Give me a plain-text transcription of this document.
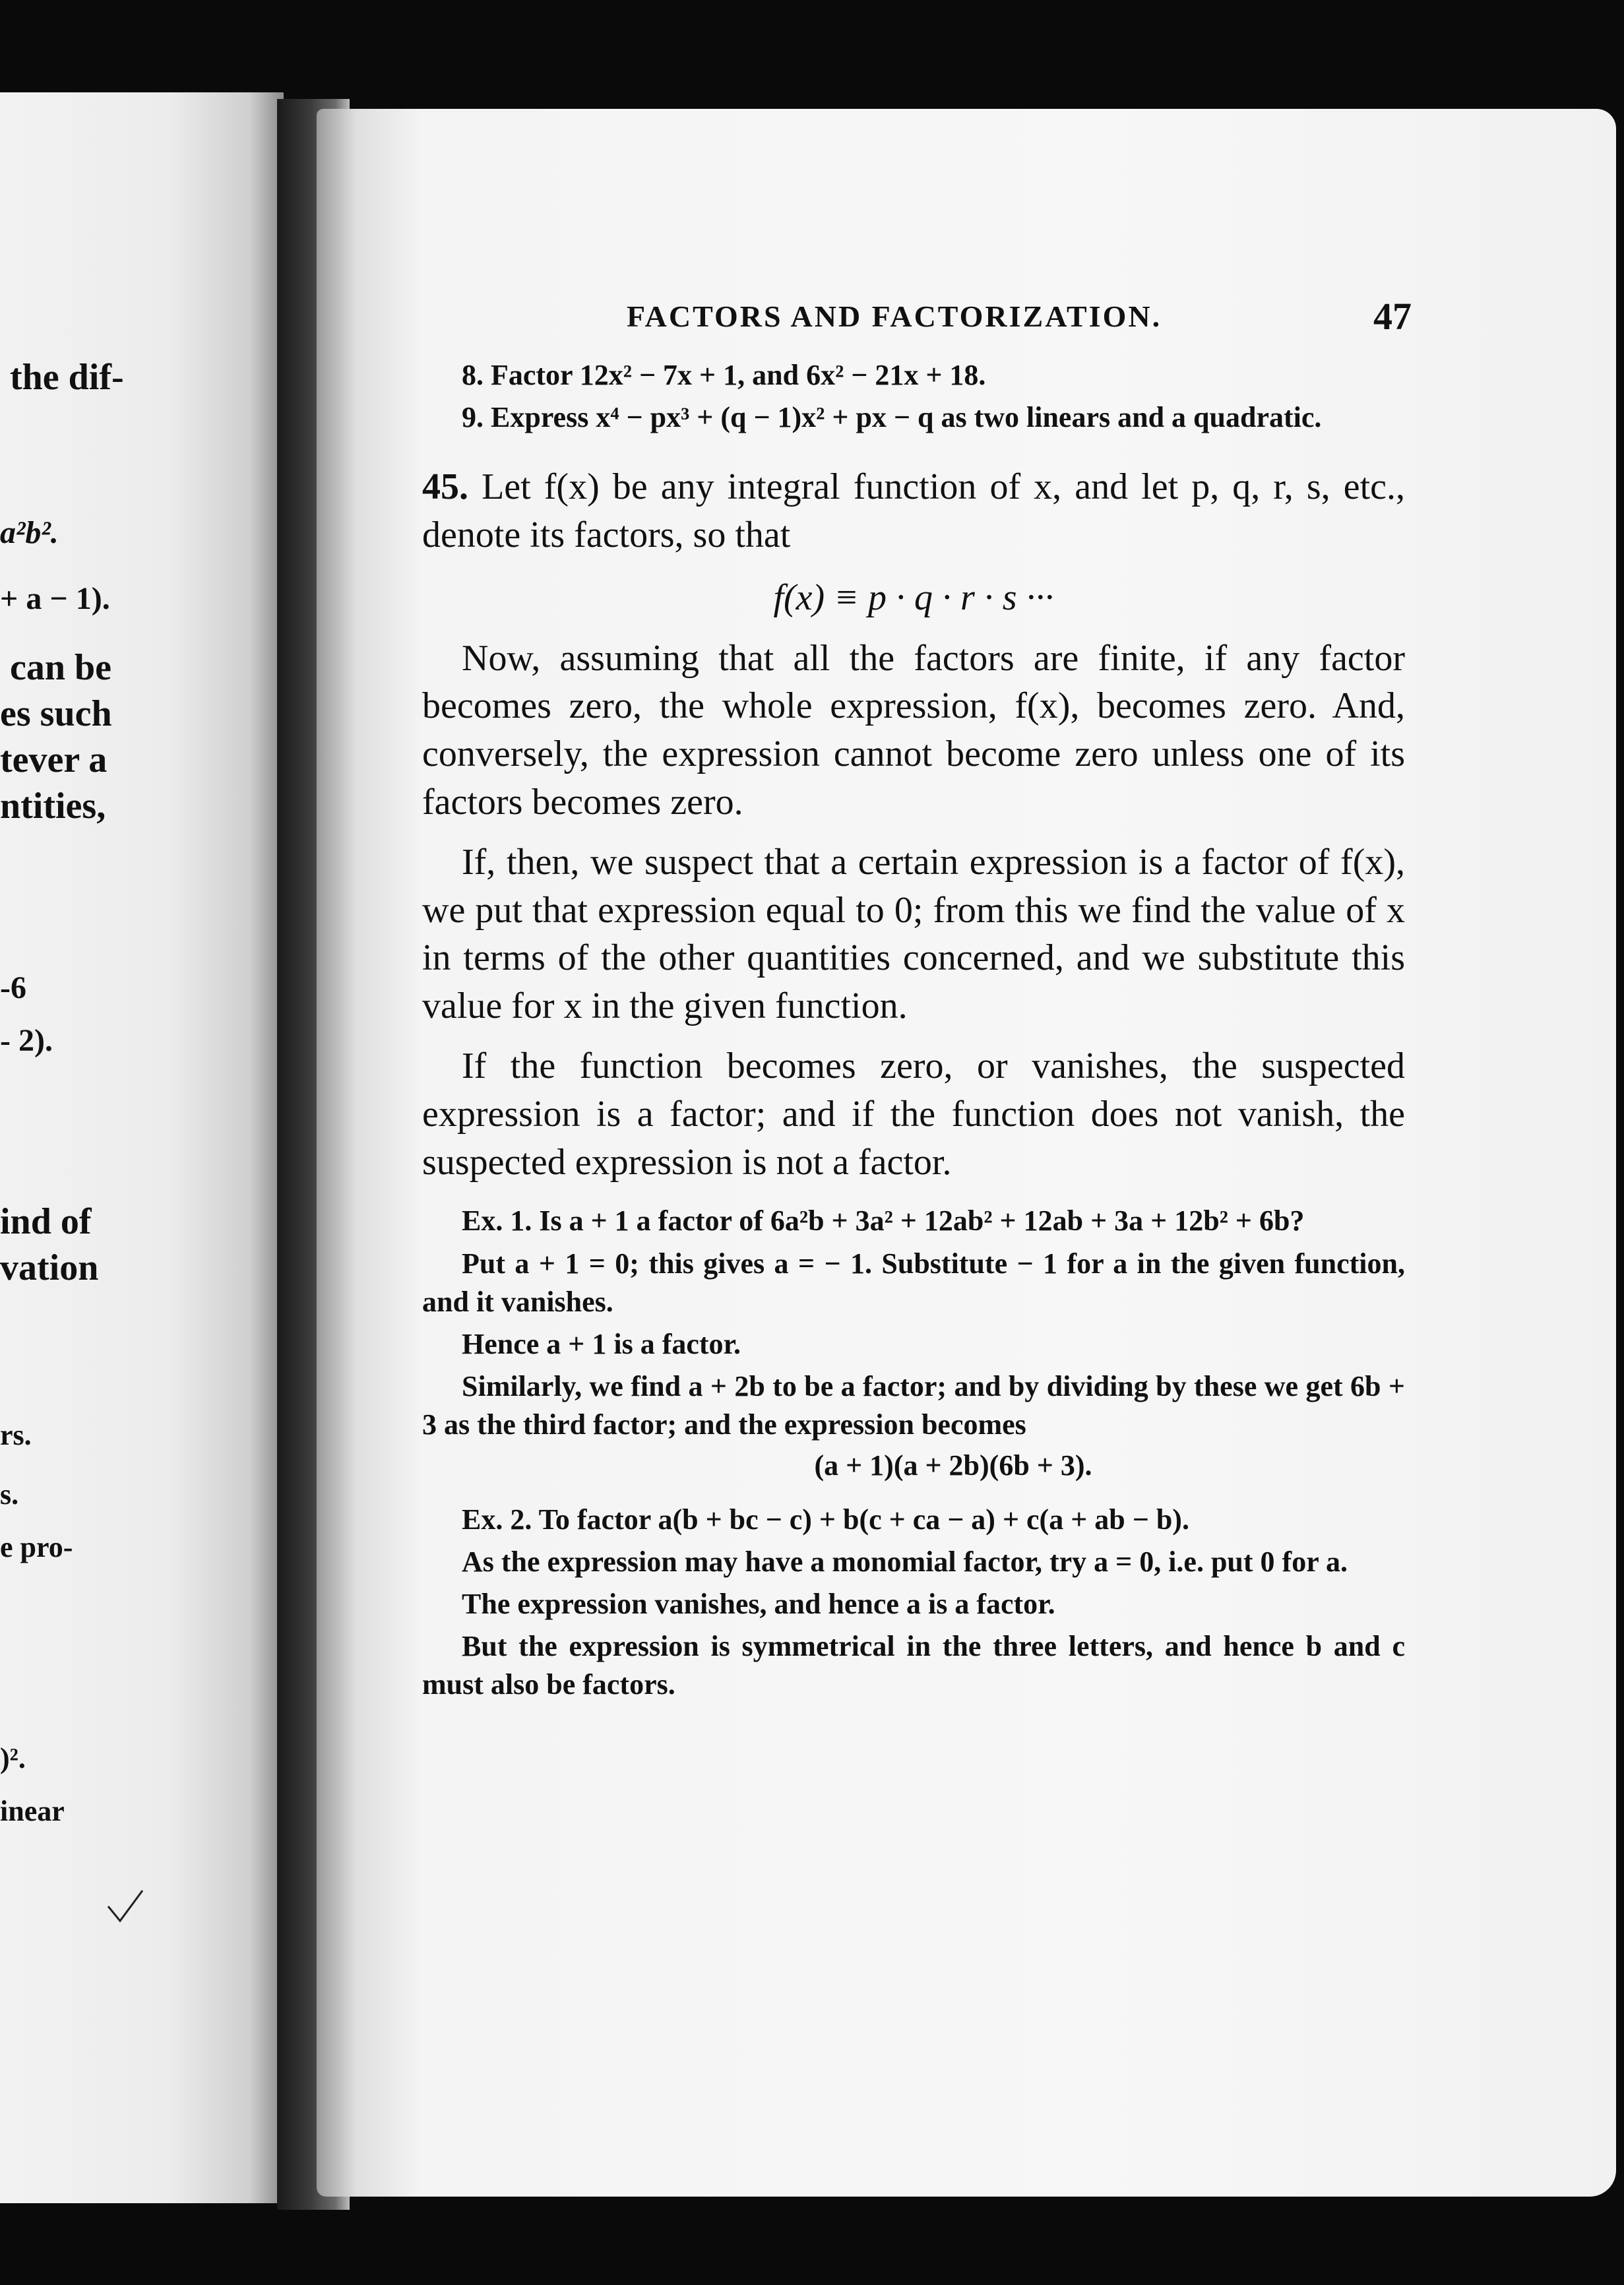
the dif-
a²b².
+ a − 1).
can be
es such
tever a
ntities,
-6
- 2).
ind of
vation
rs.
s.
e pro-
)².
inear
FACTORS AND FACTORIZATION.	47

8. Factor 12x² − 7x + 1, and 6x² − 21x + 18.

9. Express x⁴ − px³ + (q − 1)x² + px − q as two linears and a quadratic.

45. Let f(x) be any integral function of x, and let p, q, r, s, etc., denote its factors, so that

f(x) ≡ p · q · r · s ···

Now, assuming that all the factors are finite, if any factor becomes zero, the whole expression, f(x), becomes zero. And, conversely, the expression cannot become zero unless one of its factors becomes zero.

If, then, we suspect that a certain expression is a factor of f(x), we put that expression equal to 0; from this we find the value of x in terms of the other quantities concerned, and we substitute this value for x in the given function.

If the function becomes zero, or vanishes, the suspected expression is a factor; and if the function does not vanish, the suspected expression is not a factor.

Ex. 1. Is a + 1 a factor of 6a²b + 3a² + 12ab² + 12ab + 3a + 12b² + 6b?

Put a + 1 = 0; this gives a = − 1. Substitute − 1 for a in the given function, and it vanishes.

Hence a + 1 is a factor.

Similarly, we find a + 2b to be a factor; and by dividing by these we get 6b + 3 as the third factor; and the expression becomes

(a + 1)(a + 2b)(6b + 3).

Ex. 2. To factor a(b + bc − c) + b(c + ca − a) + c(a + ab − b).

As the expression may have a monomial factor, try a = 0, i.e. put 0 for a.

The expression vanishes, and hence a is a factor.

But the expression is symmetrical in the three letters, and hence b and c must also be factors.
